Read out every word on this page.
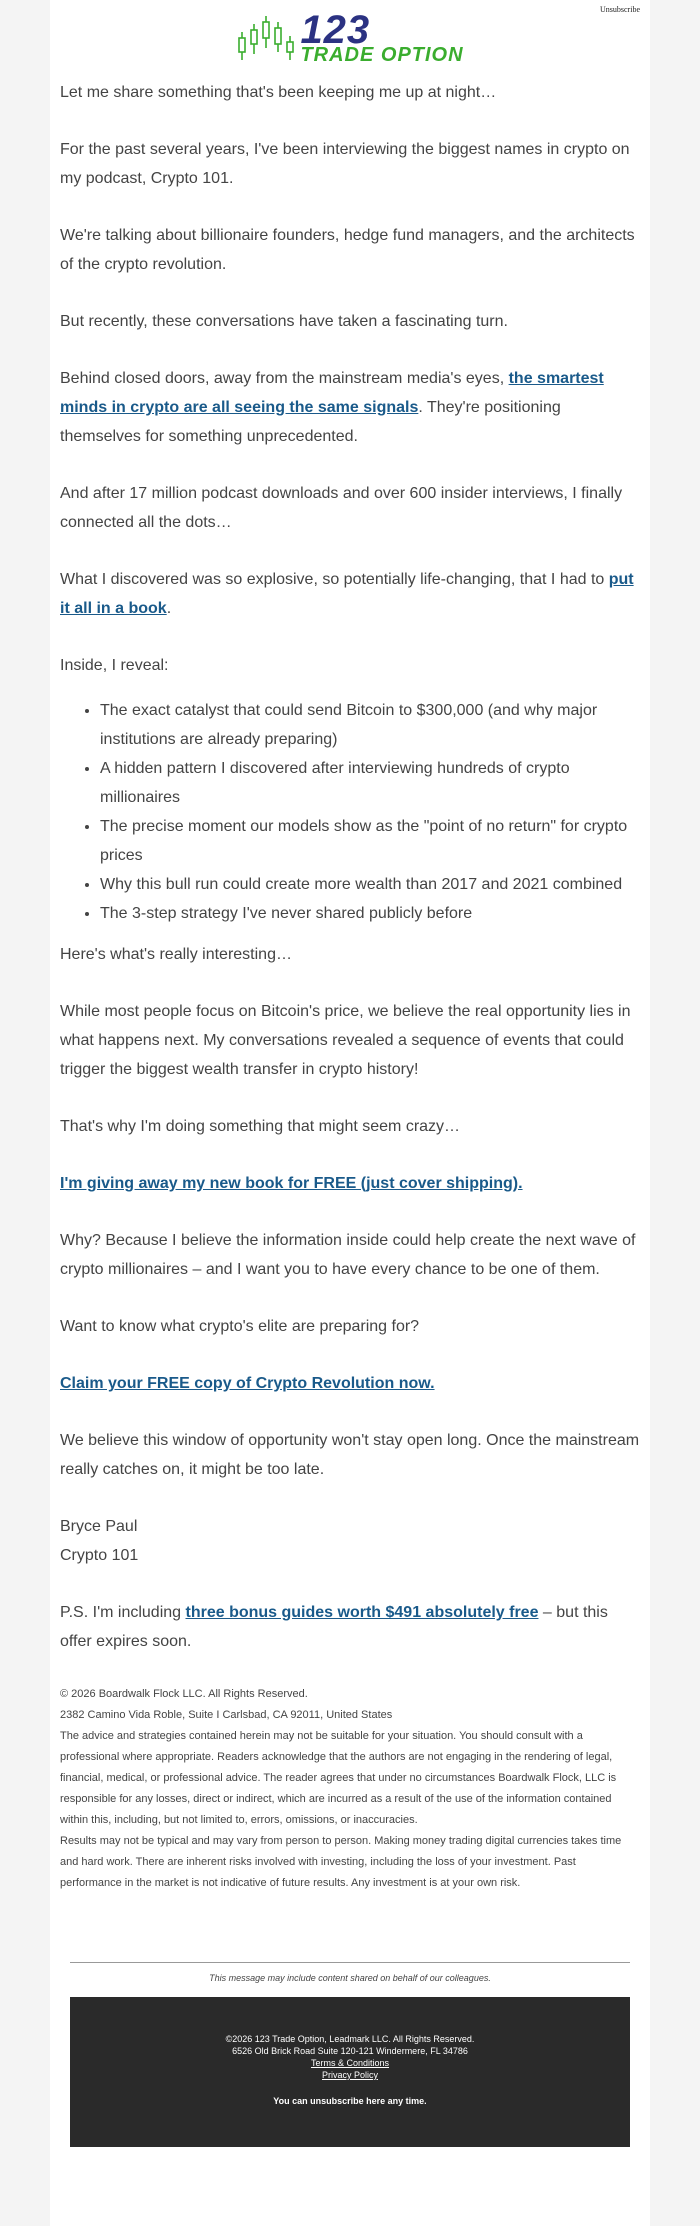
Unsubscribe
123
TRADE OPTION

Let me share something that's been keeping me up at night…

For the past several years, I've been interviewing the biggest names in crypto on my podcast, Crypto 101.

We're talking about billionaire founders, hedge fund managers, and the architects of the crypto revolution.

But recently, these conversations have taken a fascinating turn.

Behind closed doors, away from the mainstream media's eyes, the smartest minds in crypto are all seeing the same signals. They're positioning themselves for something unprecedented.

And after 17 million podcast downloads and over 600 insider interviews, I finally connected all the dots…

What I discovered was so explosive, so potentially life-changing, that I had to put it all in a book.

Inside, I reveal:

• The exact catalyst that could send Bitcoin to $300,000 (and why major institutions are already preparing)
• A hidden pattern I discovered after interviewing hundreds of crypto millionaires
• The precise moment our models show as the "point of no return" for crypto prices
• Why this bull run could create more wealth than 2017 and 2021 combined
• The 3-step strategy I've never shared publicly before

Here's what's really interesting…

While most people focus on Bitcoin's price, we believe the real opportunity lies in what happens next. My conversations revealed a sequence of events that could trigger the biggest wealth transfer in crypto history!

That's why I'm doing something that might seem crazy…

I'm giving away my new book for FREE (just cover shipping).

Why? Because I believe the information inside could help create the next wave of crypto millionaires – and I want you to have every chance to be one of them.

Want to know what crypto's elite are preparing for?

Claim your FREE copy of Crypto Revolution now.

We believe this window of opportunity won't stay open long. Once the mainstream really catches on, it might be too late.

Bryce Paul
Crypto 101

P.S. I'm including three bonus guides worth $491 absolutely free – but this offer expires soon.

© 2026 Boardwalk Flock LLC. All Rights Reserved.
2382 Camino Vida Roble, Suite I Carlsbad, CA 92011, United States
The advice and strategies contained herein may not be suitable for your situation. You should consult with a professional where appropriate. Readers acknowledge that the authors are not engaging in the rendering of legal, financial, medical, or professional advice. The reader agrees that under no circumstances Boardwalk Flock, LLC is responsible for any losses, direct or indirect, which are incurred as a result of the use of the information contained within this, including, but not limited to, errors, omissions, or inaccuracies.
Results may not be typical and may vary from person to person. Making money trading digital currencies takes time and hard work. There are inherent risks involved with investing, including the loss of your investment. Past performance in the market is not indicative of future results. Any investment is at your own risk.
This message may include content shared on behalf of our colleagues.
©2026 123 Trade Option, Leadmark LLC. All Rights Reserved.
6526 Old Brick Road Suite 120-121 Windermere, FL 34786
Terms & Conditions
Privacy Policy
You can unsubscribe here any time.
